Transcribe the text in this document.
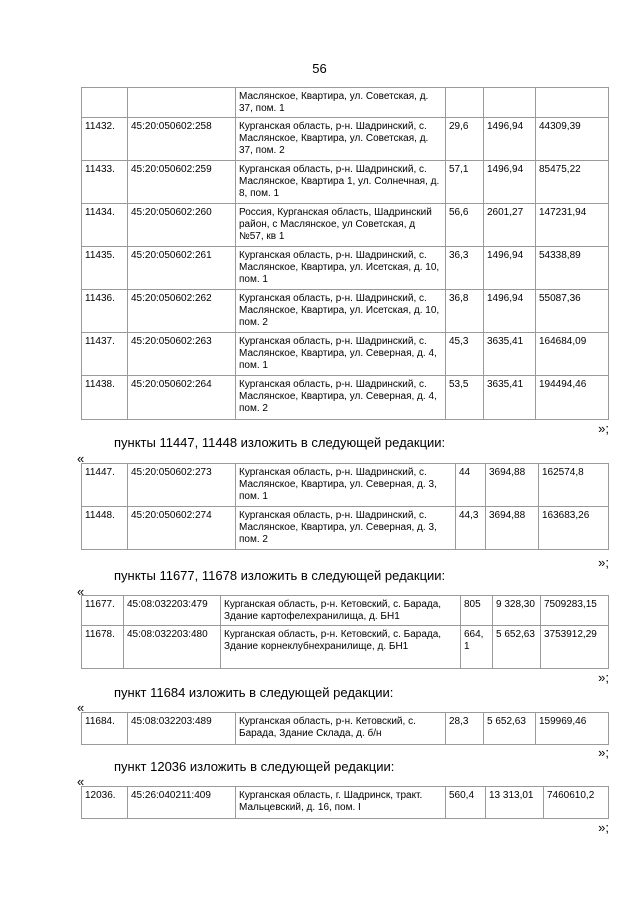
56
		Маслянское, Квартира, ул. Советская, д. 37, пом. 1			
11432.	45:20:050602:258	Курганская область, р-н. Шадринский, с. Маслянское, Квартира, ул. Советская, д. 37, пом. 2	29,6	1496,94	44309,39
11433.	45:20:050602:259	Курганская область, р-н. Шадринский, с. Маслянское, Квартира 1, ул. Солнечная, д. 8, пом. 1	57,1	1496,94	85475,22
11434.	45:20:050602:260	Россия, Курганская область, Шадринский район, с Маслянское, ул Советская, д №57, кв 1	56,6	2601,27	147231,94
11435.	45:20:050602:261	Курганская область, р-н. Шадринский, с. Маслянское, Квартира, ул. Исетская, д. 10, пом. 1	36,3	1496,94	54338,89
11436.	45:20:050602:262	Курганская область, р-н. Шадринский, с. Маслянское, Квартира, ул. Исетская, д. 10, пом. 2	36,8	1496,94	55087,36
11437.	45:20:050602:263	Курганская область, р-н. Шадринский, с. Маслянское, Квартира, ул. Северная, д. 4, пом. 1	45,3	3635,41	164684,09
11438.	45:20:050602:264	Курганская область, р-н. Шадринский, с. Маслянское, Квартира, ул. Северная, д. 4, пом. 2	53,5	3635,41	194494,46
»;
пункты 11447, 11448 изложить в следующей редакции:
«
11447.	45:20:050602:273	Курганская область, р-н. Шадринский, с. Маслянское, Квартира, ул. Северная, д. 3, пом. 1	44	3694,88	162574,8
11448.	45:20:050602:274	Курганская область, р-н. Шадринский, с. Маслянское, Квартира, ул. Северная, д. 3, пом. 2	44,3	3694,88	163683,26
»;
пункты 11677, 11678 изложить в следующей редакции:
«
11677.	45:08:032203:479	Курганская область, р-н. Кетовский, с. Барада, Здание картофелехранилища, д. БН1	805	9 328,30	7509283,15
11678.	45:08:032203:480	Курганская область, р-н. Кетовский, с. Барада, Здание корнеклубнехранилище, д. БН1	664,1	5 652,63	3753912,29
»;
пункт 11684 изложить в следующей редакции:
«
11684.	45:08:032203:489	Курганская область, р-н. Кетовский, с. Барада, Здание Склада, д. б/н	28,3	5 652,63	159969,46
»;
пункт 12036 изложить в следующей редакции:
«
12036.	45:26:040211:409	Курганская область, г. Шадринск, тракт. Мальцевский, д. 16, пом. I	560,4	13 313,01	7460610,2
»;
